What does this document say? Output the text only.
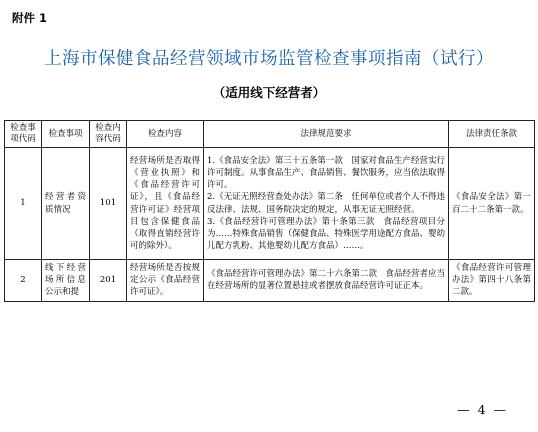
附件 1
上海市保健食品经营领域市场监管检查事项指南（试行）
（适用线下经营者）
检查事项代码	检查事项	检查内容代码	检查内容	法律规范要求	法律责任条款
1	经营者资质情况	101	经营场所是否取得《营业执照》和《食品经营许可证》，且《食品经营许可证》经营项目包含保健食品（取得直销经营许可的除外）。	1.《食品安全法》第三十五条第一款　国家对食品生产经营实行许可制度。从事食品生产、食品销售、餐饮服务，应当依法取得许可。
2.《无证无照经营查处办法》第二条　任何单位或者个人不得违反法律、法规、国务院决定的规定，从事无证无照经营。
3.《食品经营许可管理办法》第十条第三款　食品经营项目分为……特殊食品销售（保健食品、特殊医学用途配方食品、婴幼儿配方乳粉、其他婴幼儿配方食品）……。	《食品安全法》第一百二十二条第一款。
2	线下经营场所信息公示和提	201	经营场所是否按规定公示《食品经营许可证》。	《食品经营许可管理办法》第二十六条第二款　食品经营者应当在经营场所的显著位置悬挂或者摆放食品经营许可证正本。	《食品经营许可管理办法》第四十八条第二款。
— 4 —
